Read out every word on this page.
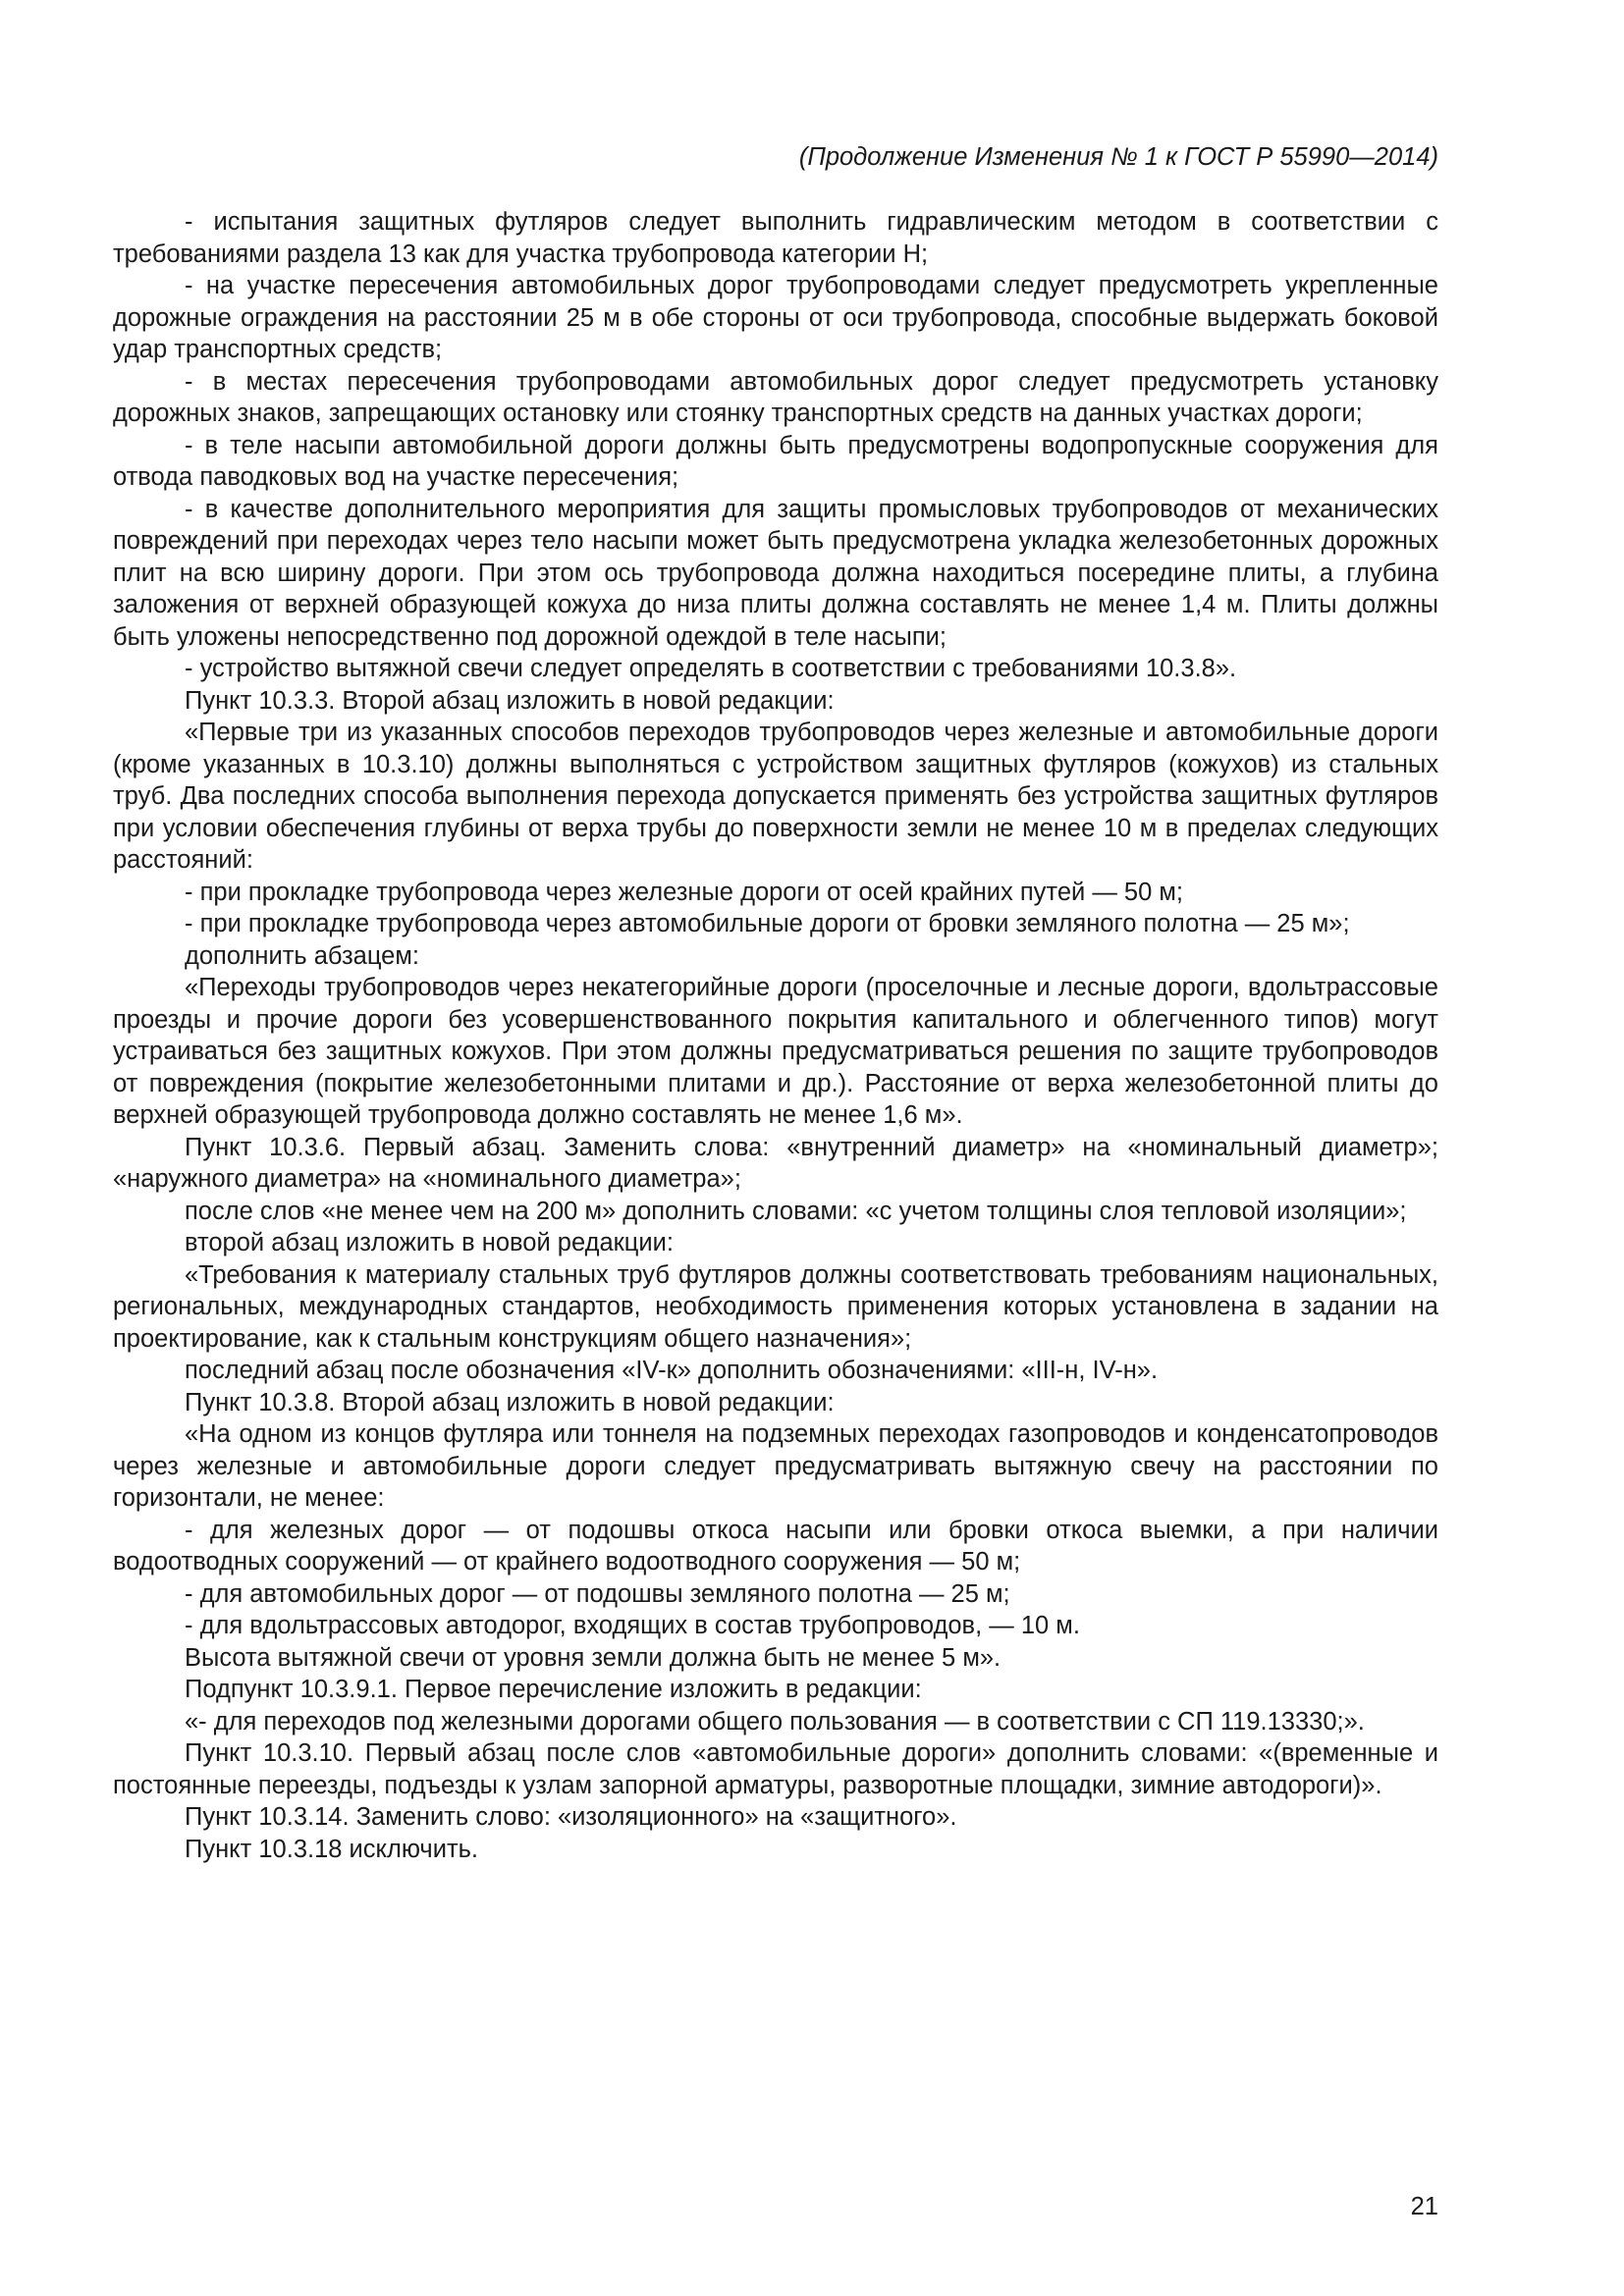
(Продолжение Изменения № 1 к ГОСТ Р 55990—2014)

- испытания защитных футляров следует выполнить гидравлическим методом в соответствии с требованиями раздела 13 как для участка трубопровода категории Н;

- на участке пересечения автомобильных дорог трубопроводами следует предусмотреть укрепленные дорожные ограждения на расстоянии 25 м в обе стороны от оси трубопровода, способные выдержать боковой удар транспортных средств;

- в местах пересечения трубопроводами автомобильных дорог следует предусмотреть установку дорожных знаков, запрещающих остановку или стоянку транспортных средств на данных участках дороги;

- в теле насыпи автомобильной дороги должны быть предусмотрены водопропускные сооружения для отвода паводковых вод на участке пересечения;

- в качестве дополнительного мероприятия для защиты промысловых трубопроводов от механических повреждений при переходах через тело насыпи может быть предусмотрена укладка железобетонных дорожных плит на всю ширину дороги. При этом ось трубопровода должна находиться посередине плиты, а глубина заложения от верхней образующей кожуха до низа плиты должна составлять не менее 1,4 м. Плиты должны быть уложены непосредственно под дорожной одеждой в теле насыпи;

- устройство вытяжной свечи следует определять в соответствии с требованиями 10.3.8».

Пункт 10.3.3. Второй абзац изложить в новой редакции:

«Первые три из указанных способов переходов трубопроводов через железные и автомобильные дороги (кроме указанных в 10.3.10) должны выполняться с устройством защитных футляров (кожухов) из стальных труб. Два последних способа выполнения перехода допускается применять без устройства защитных футляров при условии обеспечения глубины от верха трубы до поверхности земли не менее 10 м в пределах следующих расстояний:

- при прокладке трубопровода через железные дороги от осей крайних путей — 50 м;

- при прокладке трубопровода через автомобильные дороги от бровки земляного полотна — 25 м»;

дополнить абзацем:

«Переходы трубопроводов через некатегорийные дороги (проселочные и лесные дороги, вдольтрассовые проезды и прочие дороги без усовершенствованного покрытия капитального и облегченного типов) могут устраиваться без защитных кожухов. При этом должны предусматриваться решения по защите трубопроводов от повреждения (покрытие железобетонными плитами и др.). Расстояние от верха железобетонной плиты до верхней образующей трубопровода должно составлять не менее 1,6 м».

Пункт 10.3.6. Первый абзац. Заменить слова: «внутренний диаметр» на «номинальный диаметр»; «наружного диаметра» на «номинального диаметра»;

после слов «не менее чем на 200 м» дополнить словами: «с учетом толщины слоя тепловой изоляции»;

второй абзац изложить в новой редакции:

«Требования к материалу стальных труб футляров должны соответствовать требованиям национальных, региональных, международных стандартов, необходимость применения которых установлена в задании на проектирование, как к стальным конструкциям общего назначения»;

последний абзац после обозначения «IV-к» дополнить обозначениями: «III-н, IV-н».

Пункт 10.3.8. Второй абзац изложить в новой редакции:

«На одном из концов футляра или тоннеля на подземных переходах газопроводов и конденсатопроводов через железные и автомобильные дороги следует предусматривать вытяжную свечу на расстоянии по горизонтали, не менее:

- для железных дорог — от подошвы откоса насыпи или бровки откоса выемки, а при наличии водоотводных сооружений — от крайнего водоотводного сооружения — 50 м;

- для автомобильных дорог — от подошвы земляного полотна — 25 м;

- для вдольтрассовых автодорог, входящих в состав трубопроводов, — 10 м.

Высота вытяжной свечи от уровня земли должна быть не менее 5 м».

Подпункт 10.3.9.1. Первое перечисление изложить в редакции:

«- для переходов под железными дорогами общего пользования — в соответствии с СП 119.13330;».

Пункт 10.3.10. Первый абзац после слов «автомобильные дороги» дополнить словами: «(временные и постоянные переезды, подъезды к узлам запорной арматуры, разворотные площадки, зимние автодороги)».

Пункт 10.3.14. Заменить слово: «изоляционного» на «защитного».

Пункт 10.3.18 исключить.

21
